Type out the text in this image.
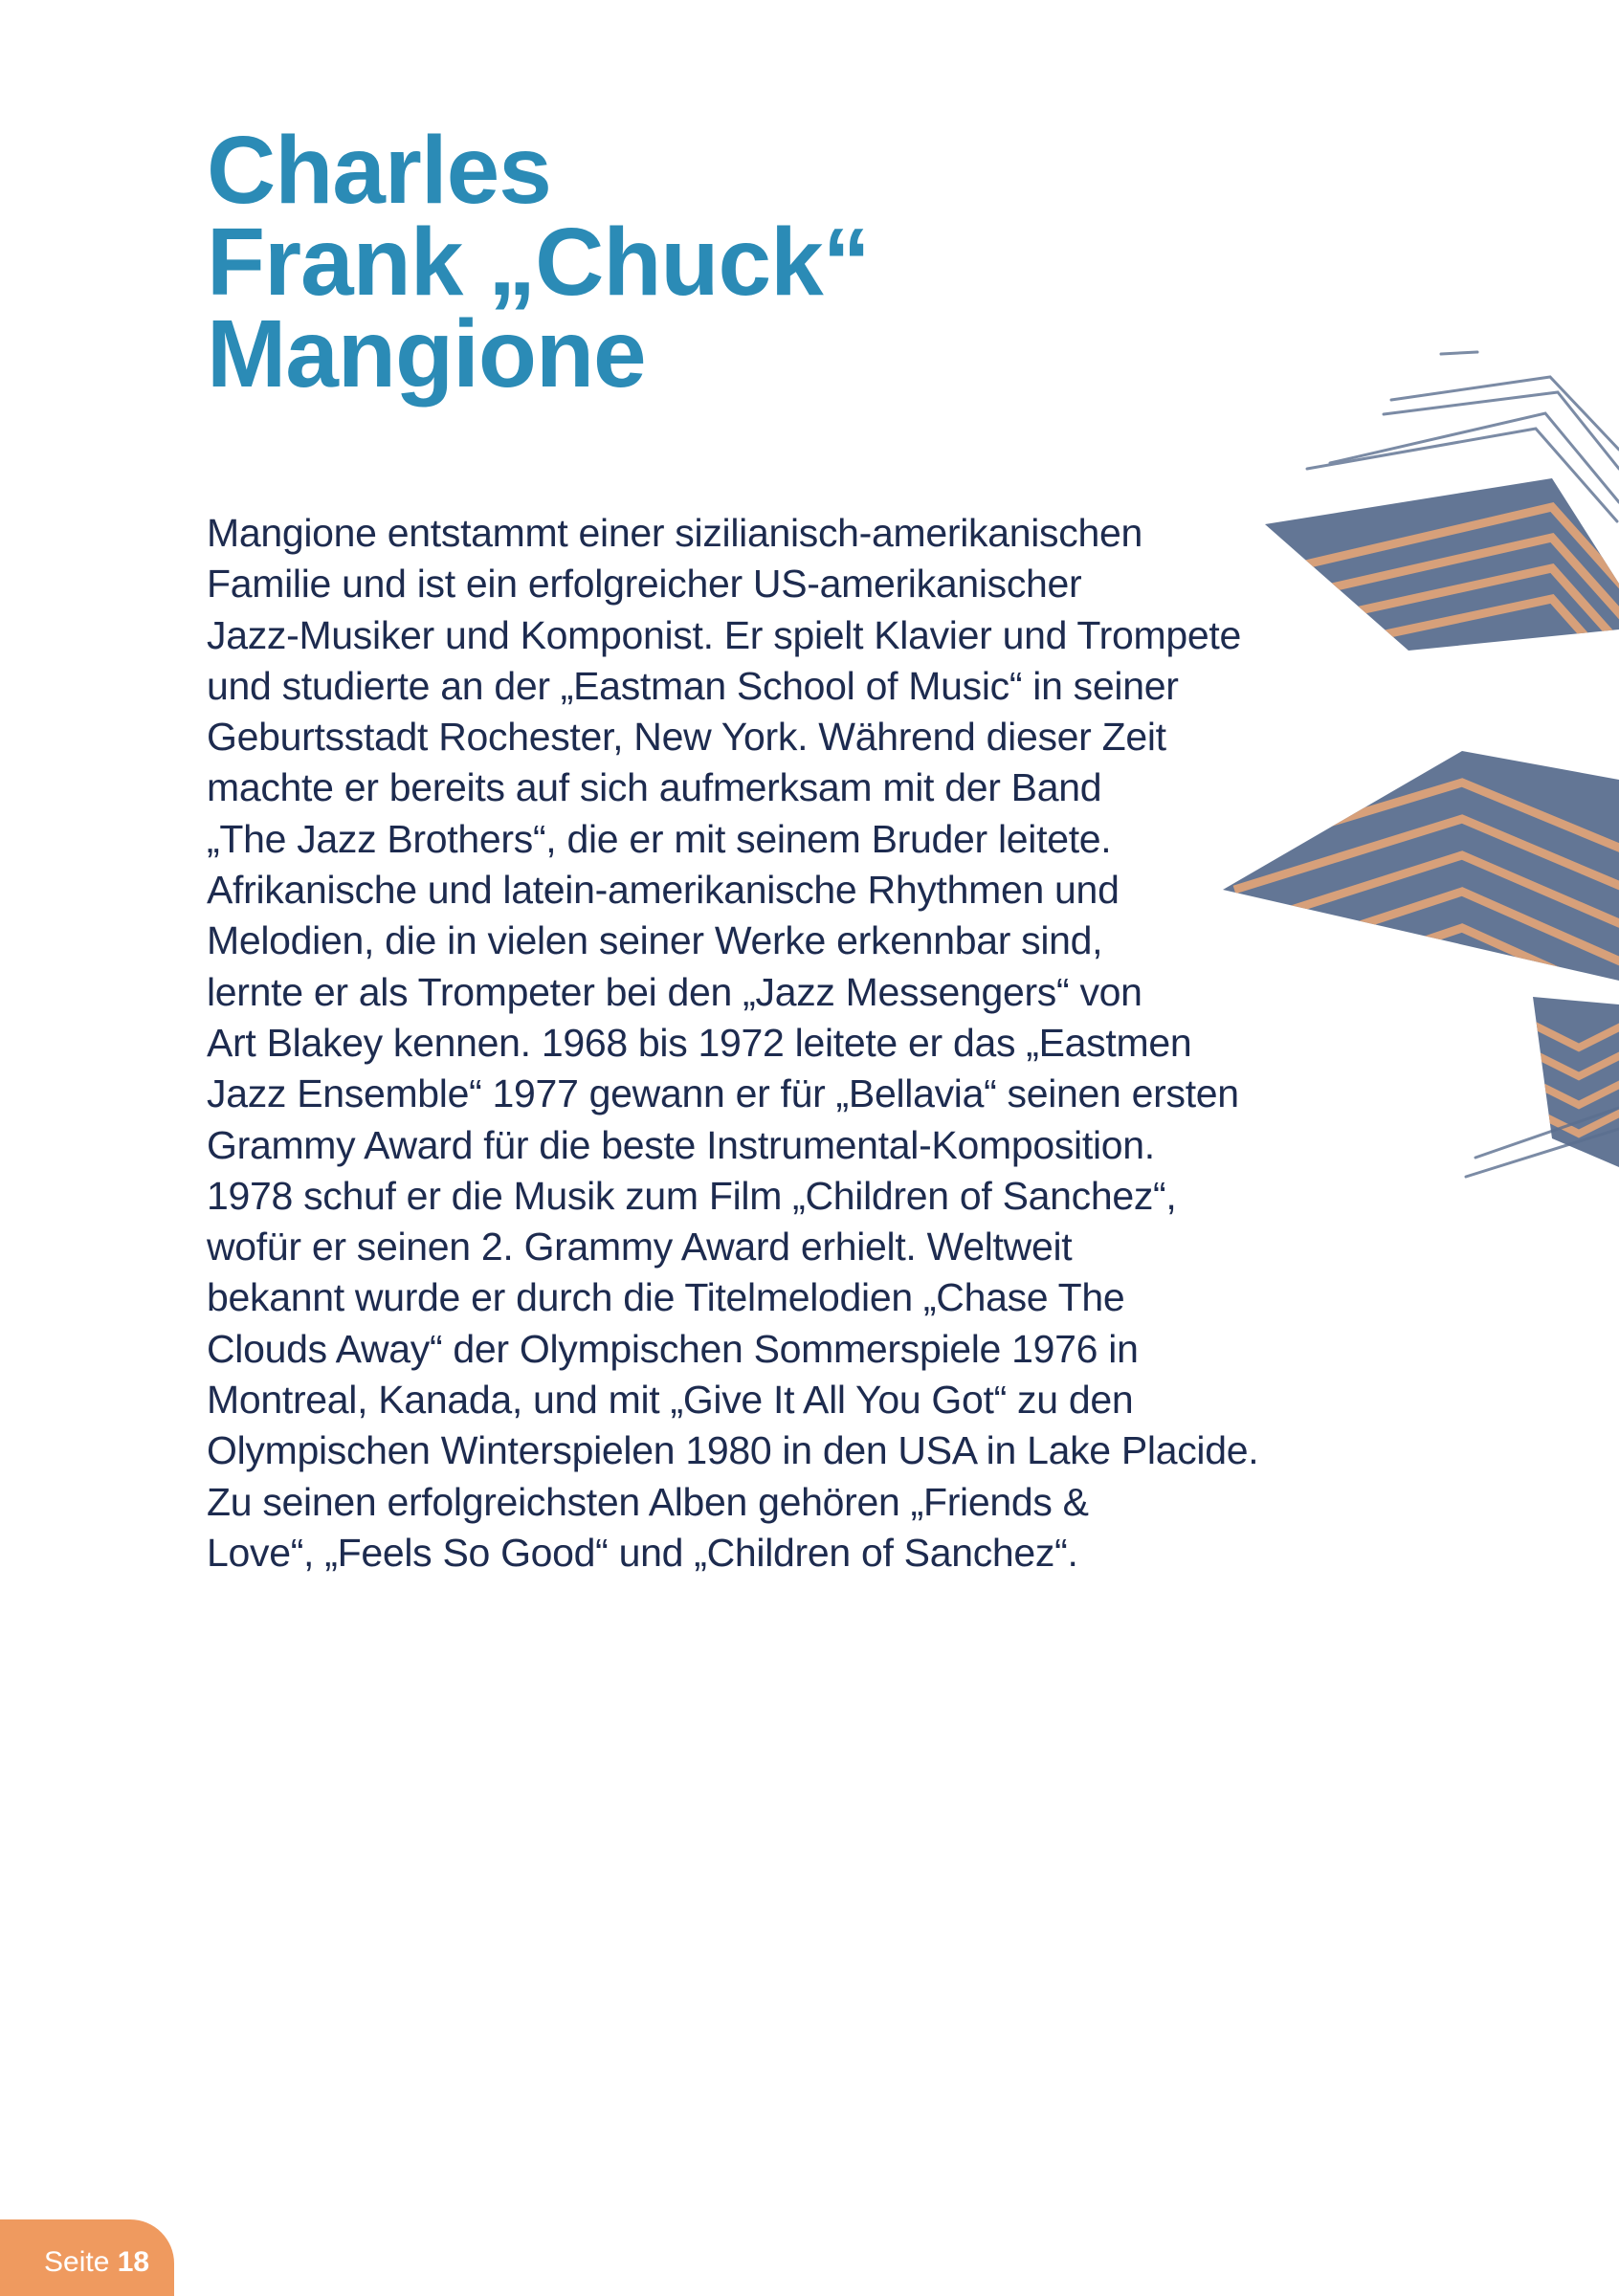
Charles
Frank „Chuck“
Mangione
Mangione entstammt einer sizilianisch-amerikanischen
Familie und ist ein erfolgreicher US-amerikanischer
Jazz-Musiker und Komponist. Er spielt Klavier und Trompete
und studierte an der „Eastman School of Music“ in seiner
Geburtsstadt Rochester, New York. Während dieser Zeit
machte er bereits auf sich aufmerksam mit der Band
„The Jazz Brothers“, die er mit seinem Bruder leitete.
Afrikanische und latein-amerikanische Rhythmen und
Melodien, die in vielen seiner Werke erkennbar sind,
lernte er als Trompeter bei den „Jazz Messengers“ von
Art Blakey kennen. 1968 bis 1972 leitete er das „Eastmen
Jazz Ensemble“ 1977 gewann er für „Bellavia“ seinen ersten
Grammy Award für die beste Instrumental-Komposition.
1978 schuf er die Musik zum Film „Children of Sanchez“,
wofür er seinen 2. Grammy Award erhielt. Weltweit
bekannt wurde er durch die Titelmelodien „Chase The
Clouds Away“ der Olympischen Sommerspiele 1976 in
Montreal, Kanada, und mit „Give It All You Got“ zu den
Olympischen Winterspielen 1980 in den USA in Lake Placide.
Zu seinen erfolgreichsten Alben gehören „Friends &
Love“, „Feels So Good“ und „Children of Sanchez“.
Seite 18
